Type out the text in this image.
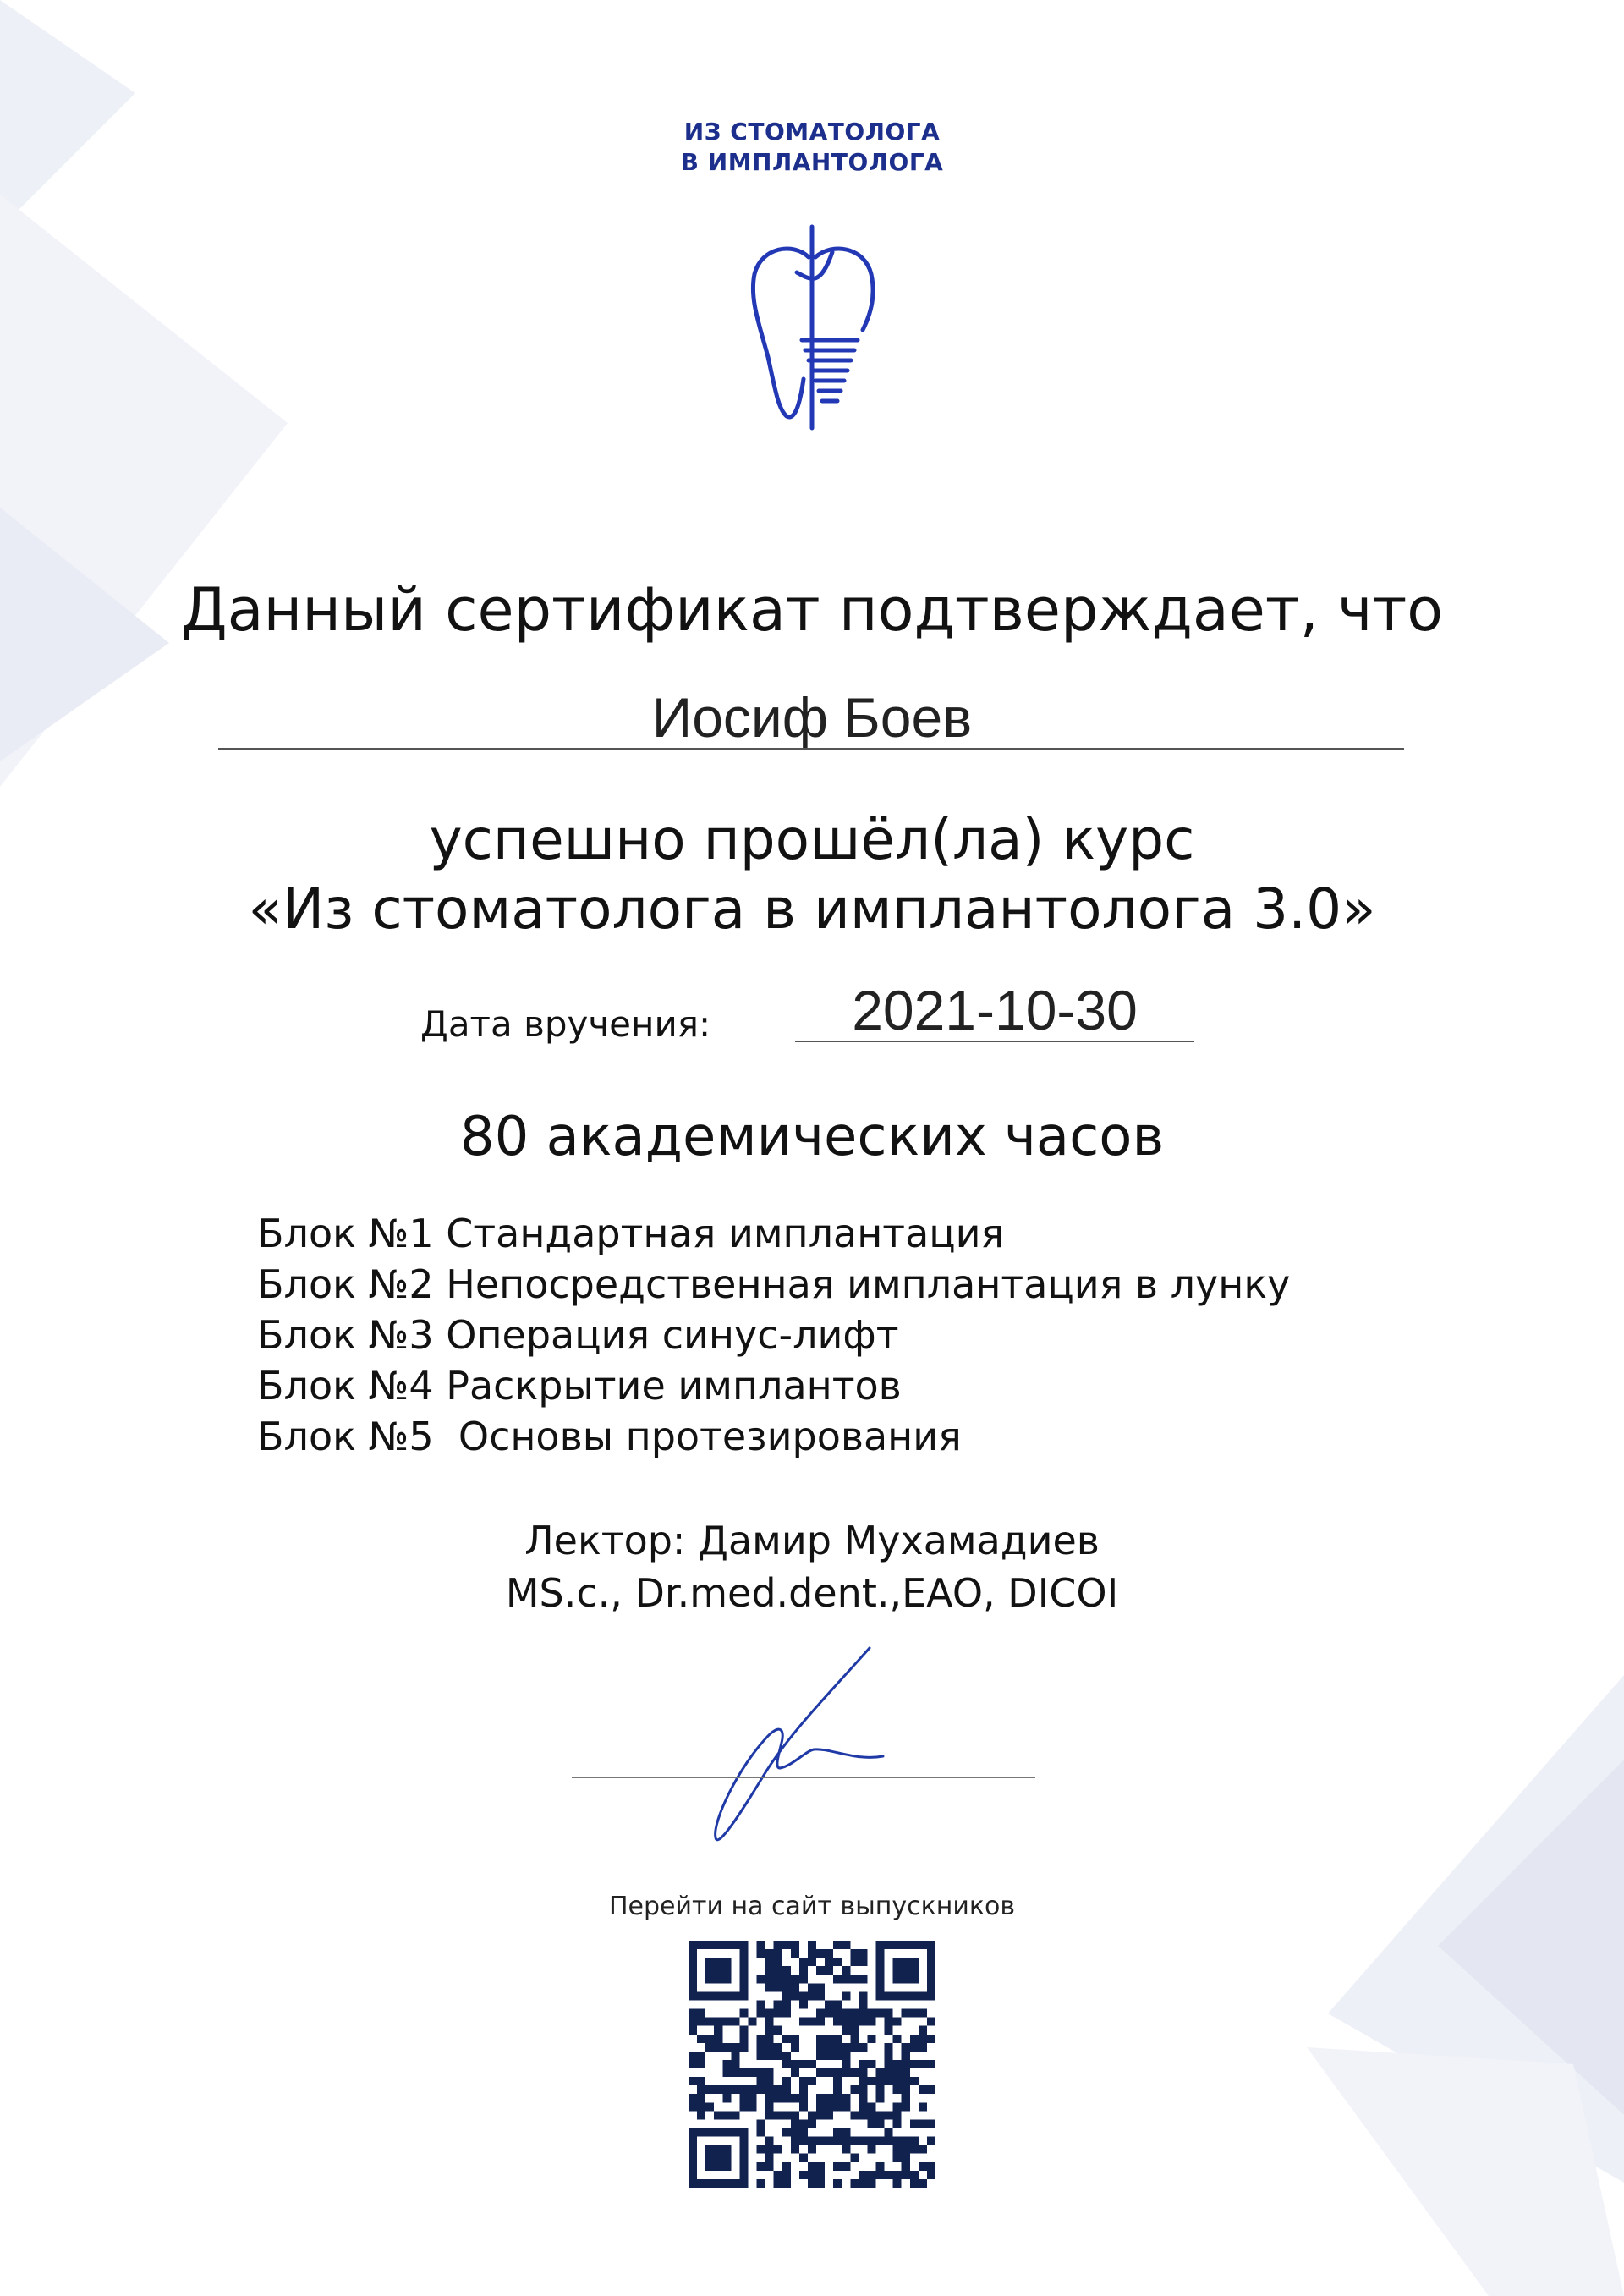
ИЗ СТОМАТОЛОГА
В ИМПЛАНТОЛОГА
Данный сертификат подтверждает, что
Иосиф Боев
успешно прошёл(ла) курс
«Из стоматолога в имплантолога 3.0»
Дата вручения:	2021-10-30
80 академических часов
Блок №1 Стандартная имплантация
Блок №2 Непосредственная имплантация в лунку
Блок №3 Операция синус-лифт
Блок №4 Раскрытие имплантов
Блок №5  Основы протезирования
Лектор: Дамир Мухамадиев
MS.c., Dr.med.dent.,EAO, DICOI
Перейти на сайт выпускников
